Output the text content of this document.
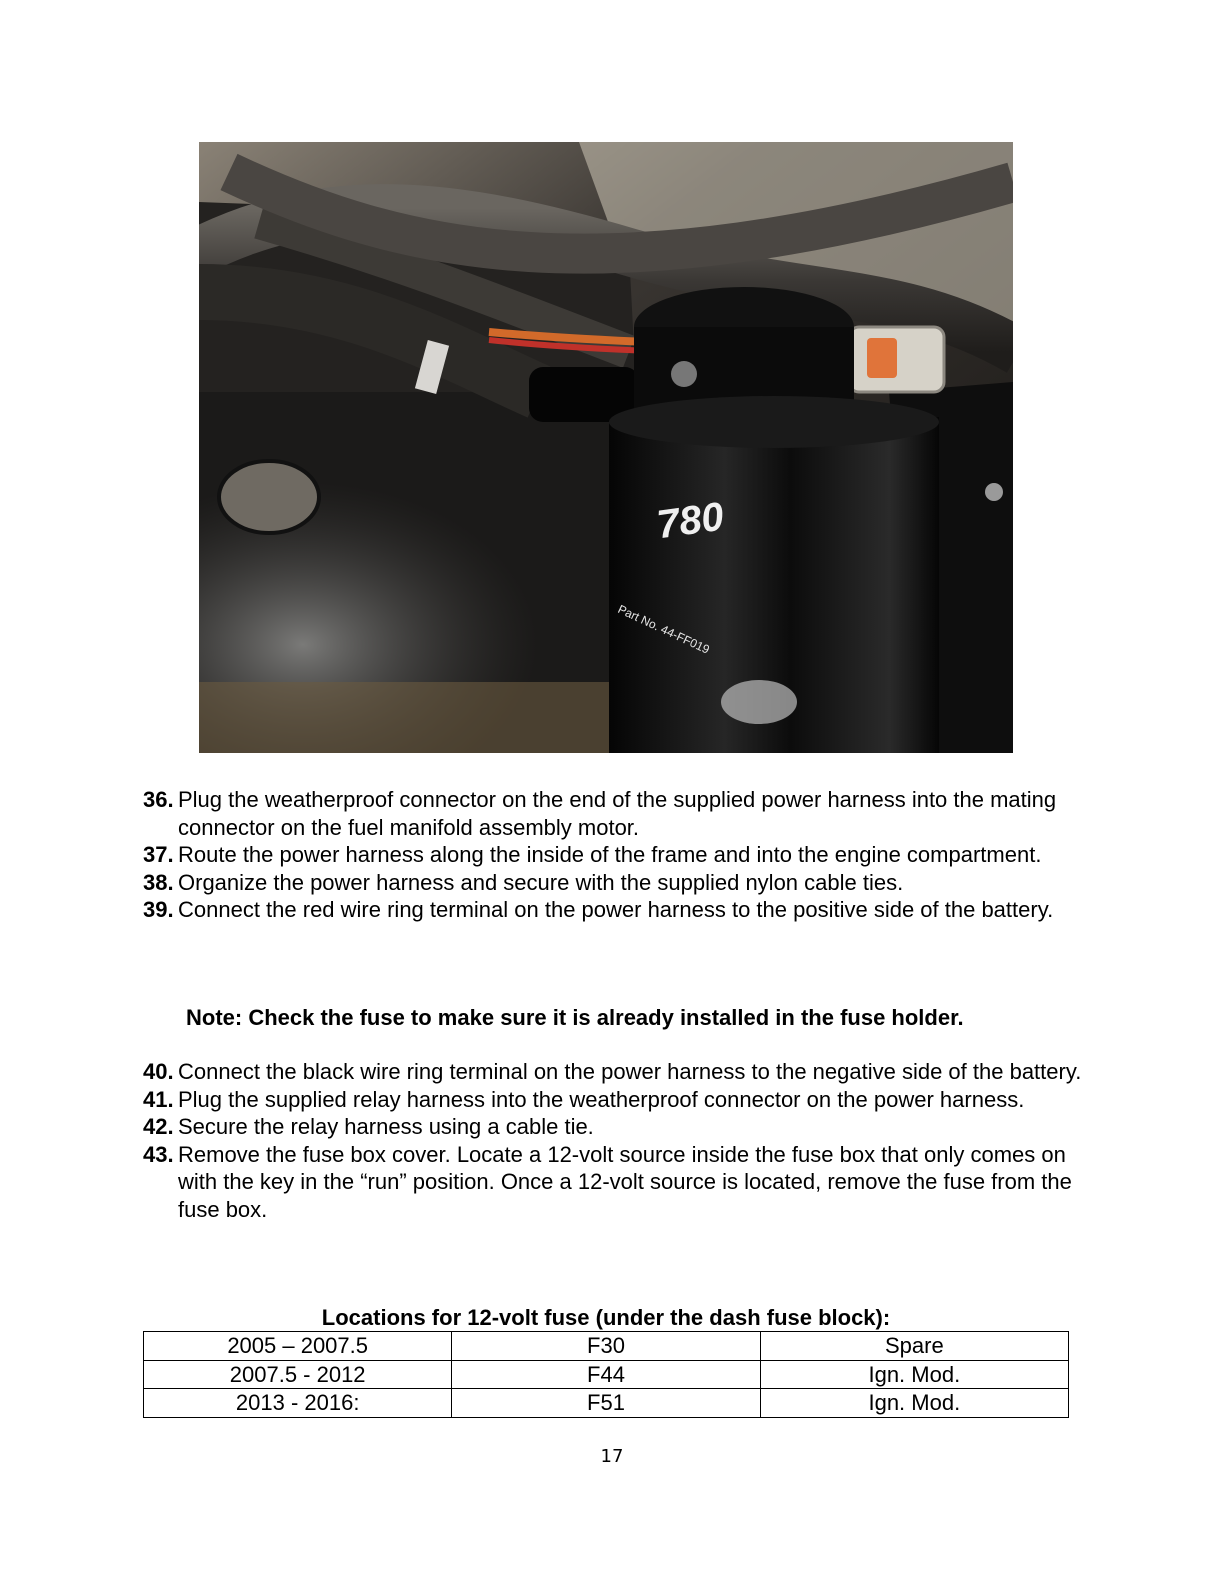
780
Part No. 44-FF019
36. Plug the weatherproof connector on the end of the supplied power harness into the mating connector on the fuel manifold assembly motor.
37. Route the power harness along the inside of the frame and into the engine compartment.
38. Organize the power harness and secure with the supplied nylon cable ties.
39. Connect the red wire ring terminal on the power harness to the positive side of the battery.
Note: Check the fuse to make sure it is already installed in the fuse holder.
40. Connect the black wire ring terminal on the power harness to the negative side of the battery.
41. Plug the supplied relay harness into the weatherproof connector on the power harness.
42. Secure the relay harness using a cable tie.
43. Remove the fuse box cover. Locate a 12-volt source inside the fuse box that only comes on with the key in the “run” position. Once a 12-volt source is located, remove the fuse from the fuse box.
Locations for 12-volt fuse (under the dash fuse block):
2005 – 2007.5	F30	Spare
2007.5 - 2012	F44	Ign. Mod.
2013 - 2016:	F51	Ign. Mod.
17
